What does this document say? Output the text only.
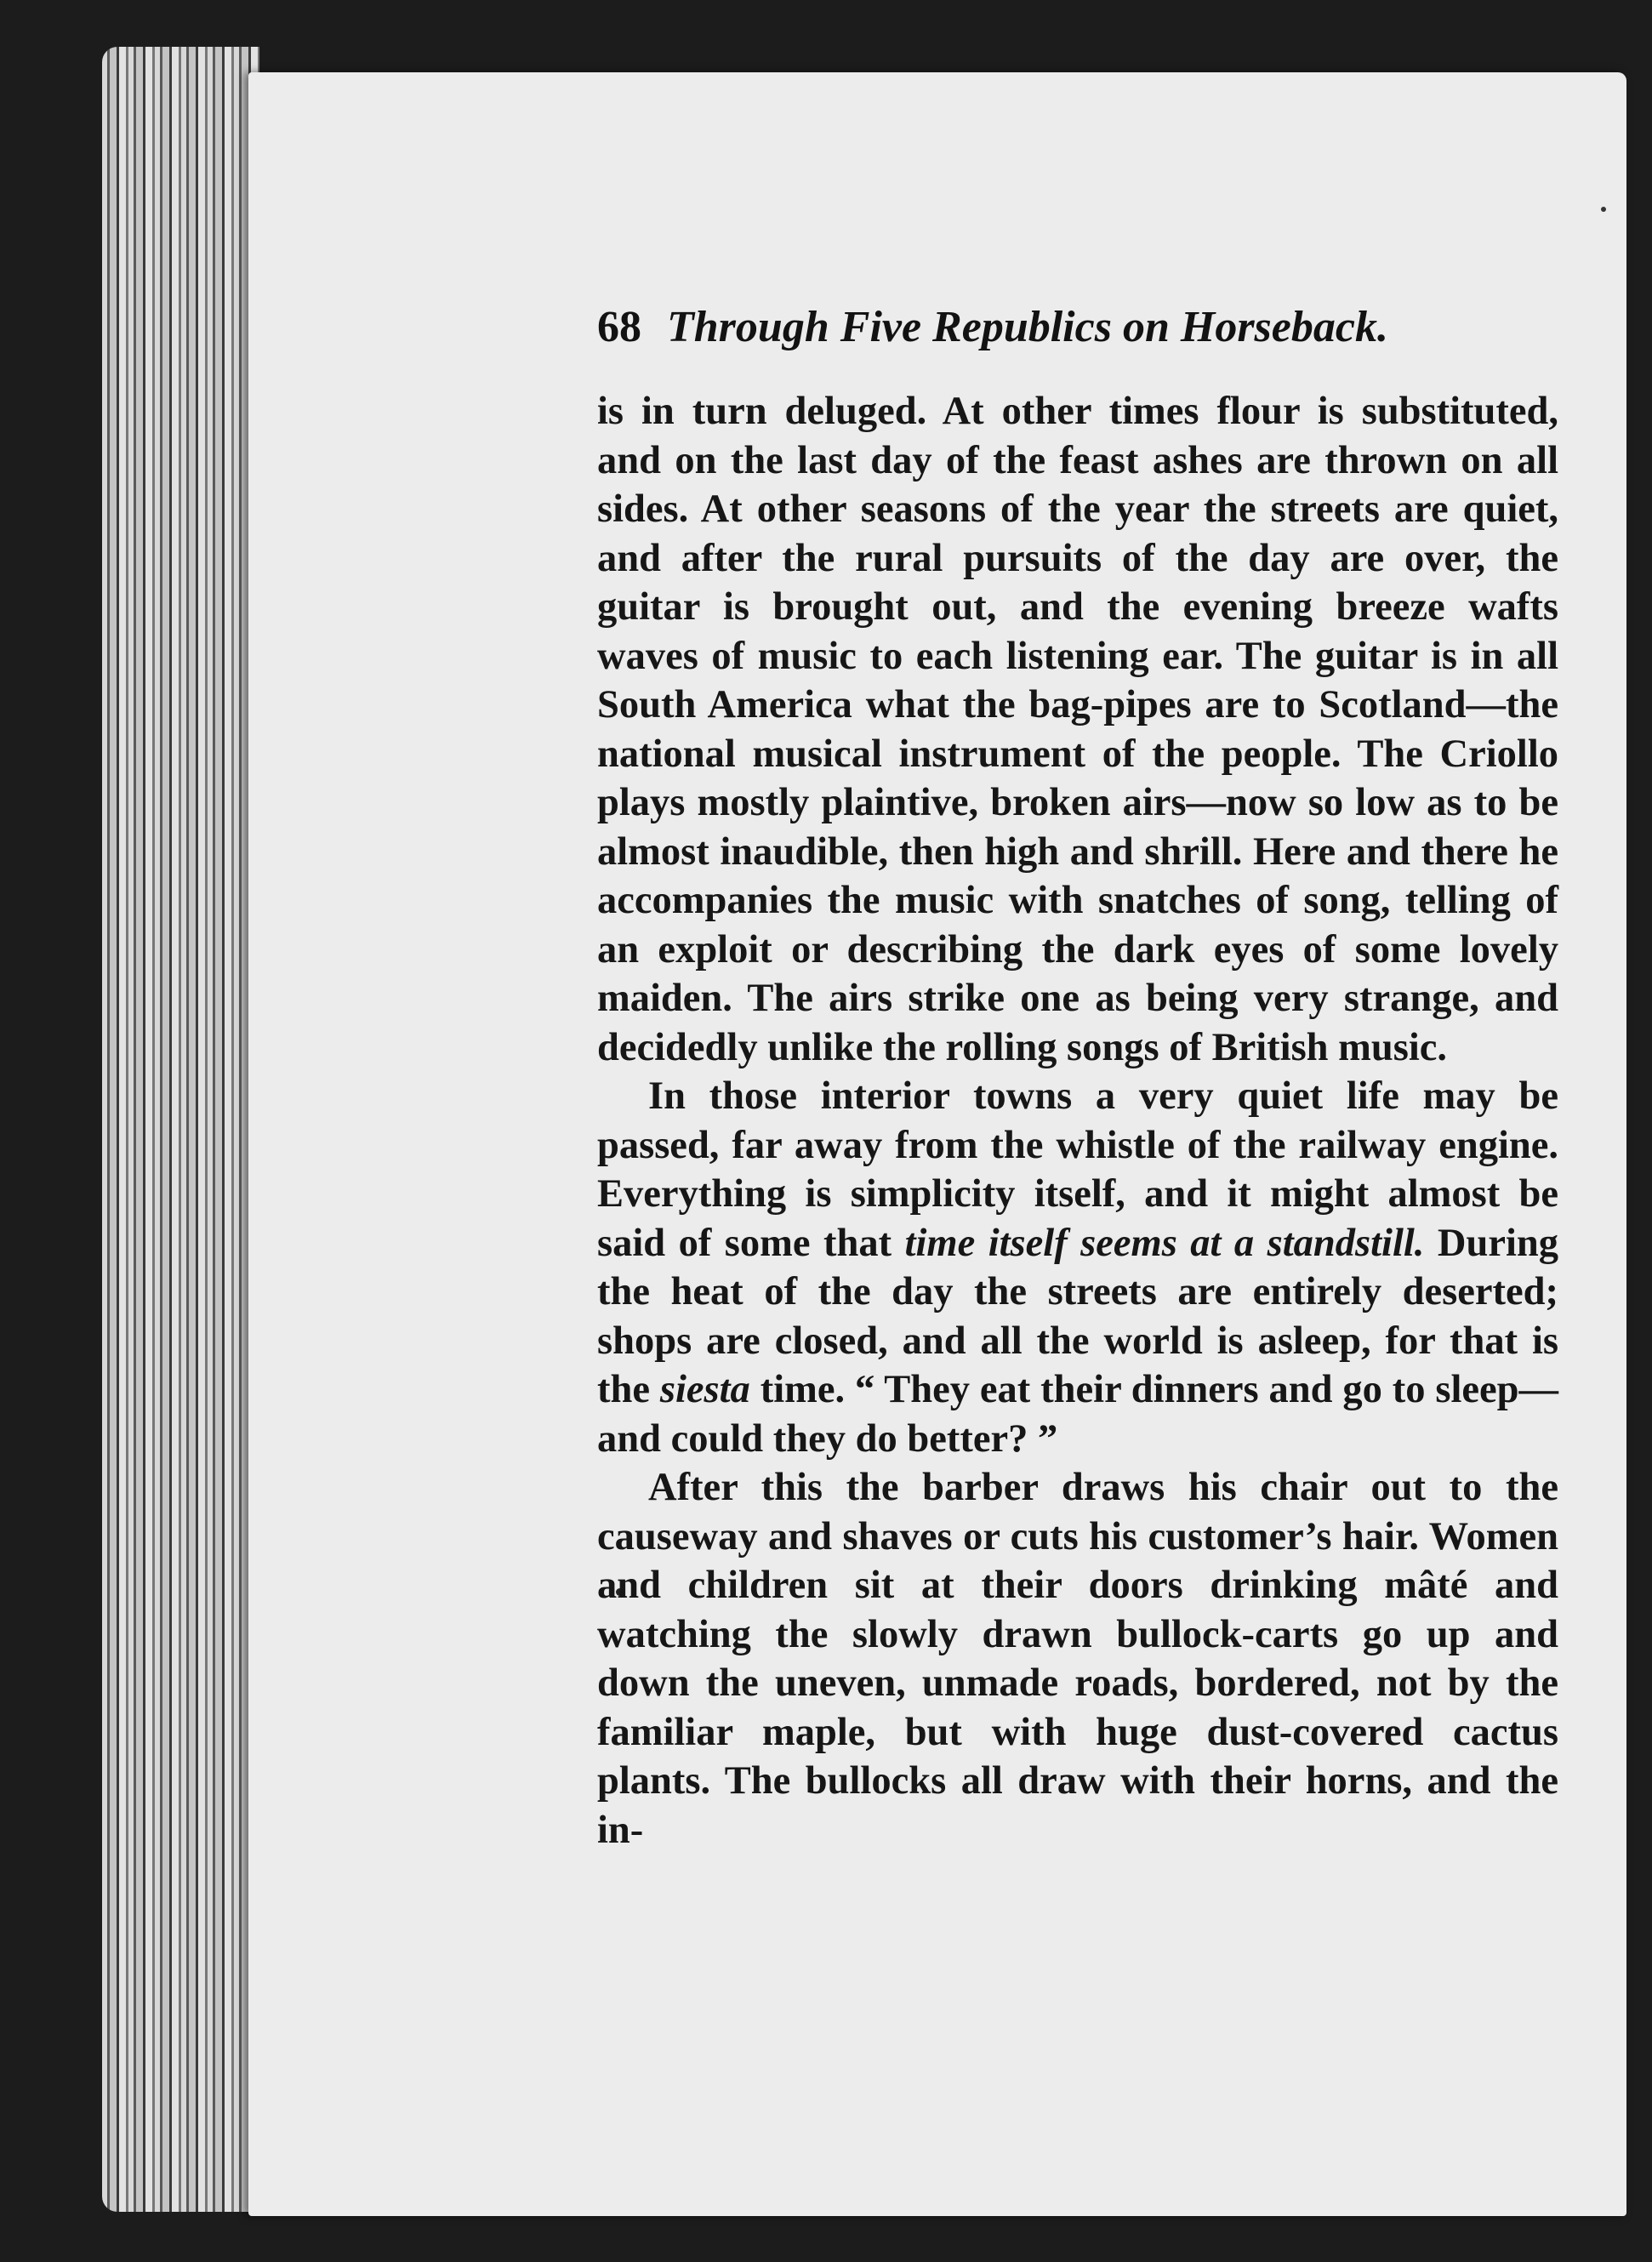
68 Through Five Republics on Horseback.

is in turn deluged. At other times flour is substituted, and on the last day of the feast ashes are thrown on all sides. At other seasons of the year the streets are quiet, and after the rural pursuits of the day are over, the guitar is brought out, and the evening breeze wafts waves of music to each listening ear. The guitar is in all South America what the bag-pipes are to Scotland—the national musical instrument of the people. The Criollo plays mostly plaintive, broken airs—now so low as to be almost inaudible, then high and shrill. Here and there he accompanies the music with snatches of song, telling of an exploit or describing the dark eyes of some lovely maiden. The airs strike one as being very strange, and decidedly unlike the rolling songs of British music.

In those interior towns a very quiet life may be passed, far away from the whistle of the railway engine. Everything is simplicity itself, and it might almost be said of some that time itself seems at a standstill. During the heat of the day the streets are entirely deserted; shops are closed, and all the world is asleep, for that is the siesta time. “ They eat their dinners and go to sleep—and could they do better? ”

After this the barber draws his chair out to the causeway and shaves or cuts his customer’s hair. Women and children sit at their doors drinking mâté and watching the slowly drawn bullock-carts go up and down the uneven, unmade roads, bordered, not by the familiar maple, but with huge dust-covered cactus plants. The bullocks all draw with their horns, and the in-
